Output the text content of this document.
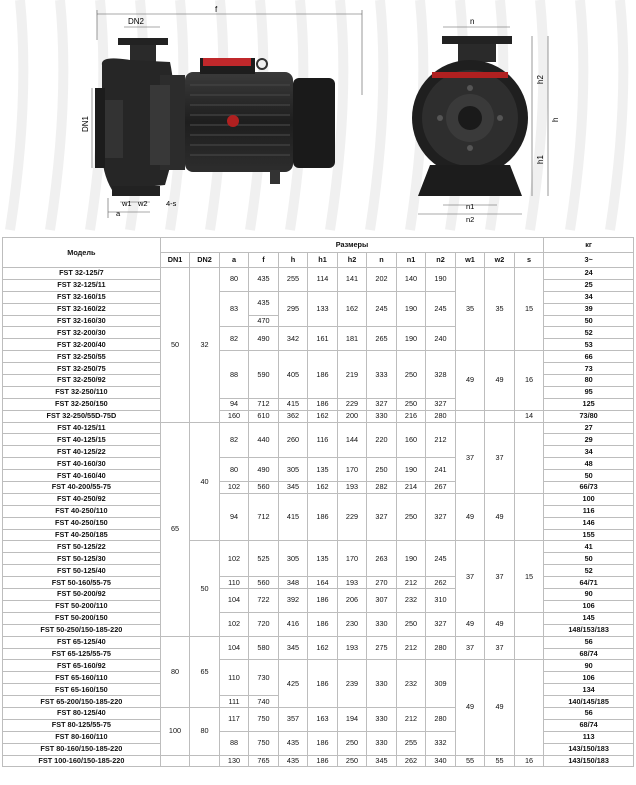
f
DN2
DN1
a
w1 w2 4-s
n
h2
h
h1
n1
n2
Модель	Размеры													кг
	DN1	DN2	a	f	h	h1	h2	n	n1	n2	w1	w2	s	3~
FST 32-125/7	50	32	80	435	255	114	141	202	140	190	35	35	15	24
FST 32-125/11														25
FST 32-160/15			83	435	295	133	162	245	190	245				34
FST 32-160/22														39
FST 32-160/30				470										50
FST 32-200/30			82	490	342	161	181	265	190	240				52
FST 32-200/40														53
FST 32-250/55			88	590	405	186	219	333	250	328	49	49	16	66
FST 32-250/75														73
FST 32-250/92														80
FST 32-250/110														95
FST 32-250/150			94	712	415	186	229	327	250	327				125
FST 32-250/55D-75D			160	610	362	162	200	330	216	280			14	73/80
FST 40-125/11	65	40	82	440	260	116	144	220	160	212	37	37		27
FST 40-125/15														29
FST 40-125/22														34
FST 40-160/30			80	490	305	135	170	250	190	241				48
FST 40-160/40														50
FST 40-200/55-75			102	560	345	162	193	282	214	267				66/73
FST 40-250/92			94	712	415	186	229	327	250	327	49	49		100
FST 40-250/110														116
FST 40-250/150														146
FST 40-250/185														155
FST 50-125/22		50	102	525	305	135	170	263	190	245	37	37	15	41
FST 50-125/30														50
FST 50-125/40														52
FST 50-160/55-75			110	560	348	164	193	270	212	262				64/71
FST 50-200/92			104	722	392	186	206	307	232	310				90
FST 50-200/110														106
FST 50-200/150			102	720	416	186	230	330	250	327	49	49		145
FST 50-250/150-185-220														148/153/183
FST 65-125/40	80	65	104	580	345	162	193	275	212	280	37	37		56
FST 65-125/55-75														68/74
FST 65-160/92			110	730	425	186	239	330	232	309	49	49		90
FST 65-160/110														106
FST 65-160/150														134
FST 65-200/150-185-220			111	740										140/145/185
FST 80-125/40	100	80	117	750	357	163	194	330	212	280				56
FST 80-125/55-75														68/74
FST 80-160/110			88	750	435	186	250	330	255	332				113
FST 80-160/150-185-220														143/150/183
FST 100-160/150-185-220			130	765	435	186	250	345	262	340	55	55	16	143/150/183
